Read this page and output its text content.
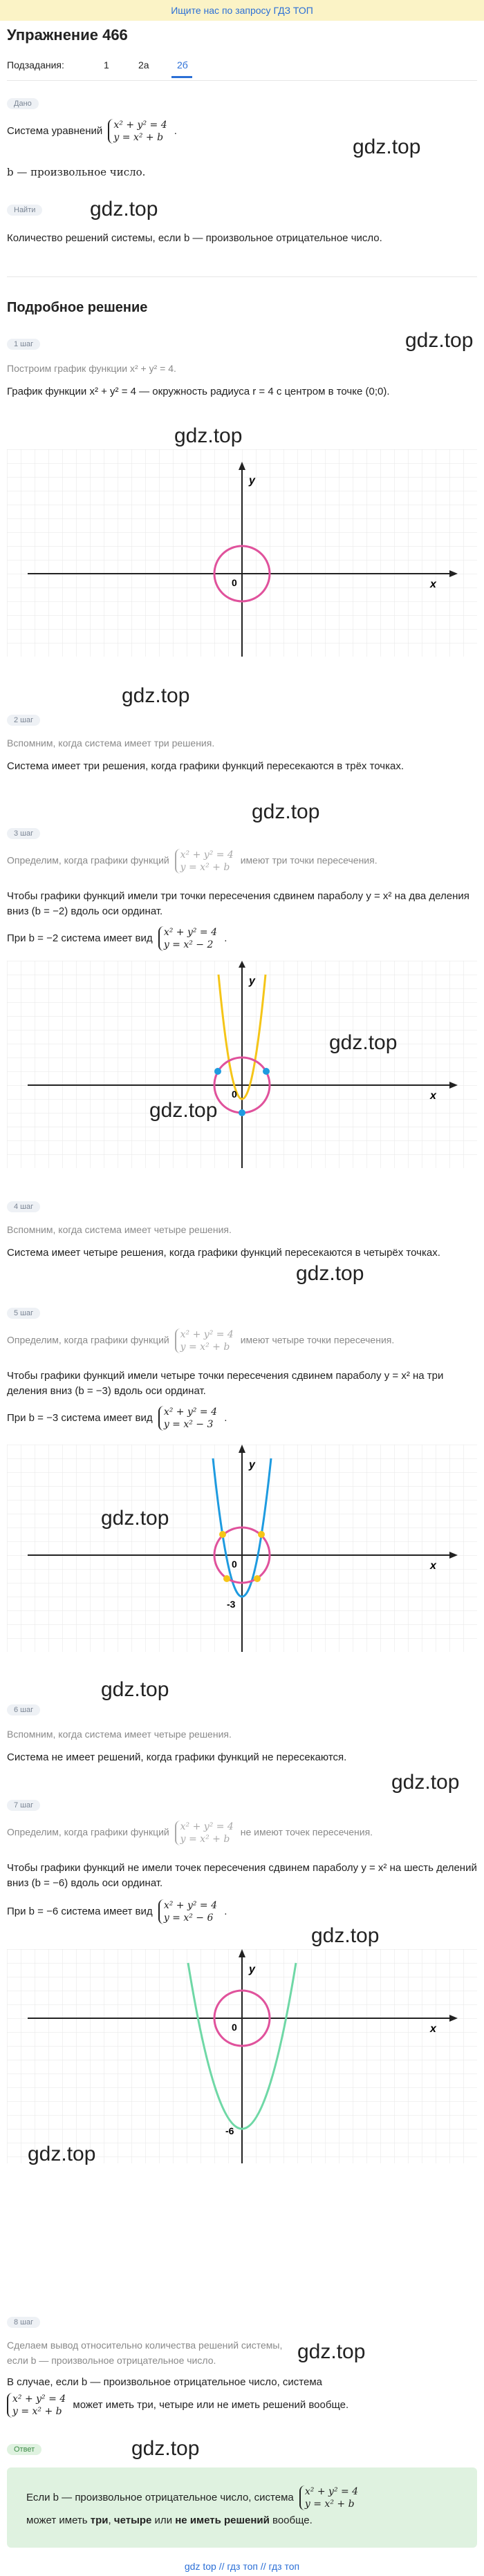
Ищите нас по запросу ГДЗ ТОП
Упражнение 466
Подзадания:	1	2а	2б
Дано
Система уравнений x² + y² = 4
y = x² + b .
b — произвольное число.
gdz.top
Найти	gdz.top
Количество решений системы, если b — произвольное отрицательное число.
Подробное решение
1 шаг	gdz.top
Построим график функции x² + y² = 4.
График функции x² + y² = 4 — окружность радиуса r = 4 с центром в точке (0;0).
gdz.top
x
y
0
gdz.top
2 шаг
Вспомним, когда система имеет три решения.
Система имеет три решения, когда графики функций пересекаются в трёх точках.
gdz.top
3 шаг
Определим, когда графики функций x² + y² = 4
y = x² + b имеют три точки пересечения.
Чтобы графики функций имели три точки пересечения сдвинем параболу y = x² на два деления вниз (b = −2) вдоль оси ординат.
При b = −2 система имеет вид x² + y² = 4
y = x² − 2 .
x
y
0
gdz.top
gdz.top
4 шаг
Вспомним, когда система имеет четыре решения.
Система имеет четыре решения, когда графики функций пересекаются в четырёх точках.
gdz.top
5 шаг
Определим, когда графики функций x² + y² = 4
y = x² + b имеют четыре точки пересечения.
Чтобы графики функций имели четыре точки пересечения сдвинем параболу y = x² на три деления вниз (b = −3) вдоль оси ординат.
При b = −3 система имеет вид x² + y² = 4
y = x² − 3 .
x
y
0
-3
gdz.top
gdz.top
6 шаг
Вспомним, когда система имеет четыре решения.
Система не имеет решений, когда графики функций не пересекаются.
gdz.top
7 шаг
Определим, когда графики функций x² + y² = 4
y = x² + b не имеют точек пересечения.
Чтобы графики функций не имели точек пересечения сдвинем параболу y = x² на шесть делений вниз (b = −6) вдоль оси ординат.
При b = −6 система имеет вид x² + y² = 4
y = x² − 6 .
gdz.top
x
y
0
-6
gdz.top
8 шаг
Сделаем вывод относительно количества решений системы, если b — произвольное отрицательное число.	gdz.top
В случае, если b — произвольное отрицательное число, система
x² + y² = 4
y = x² + b может иметь три, четыре или не иметь решений вообще.
Ответ	gdz.top
Если b — произвольное отрицательное число, система x² + y² = 4
y = x² + b
может иметь три, четыре или не иметь решений вообще.
gdz top // гдз топ // гдз топ
